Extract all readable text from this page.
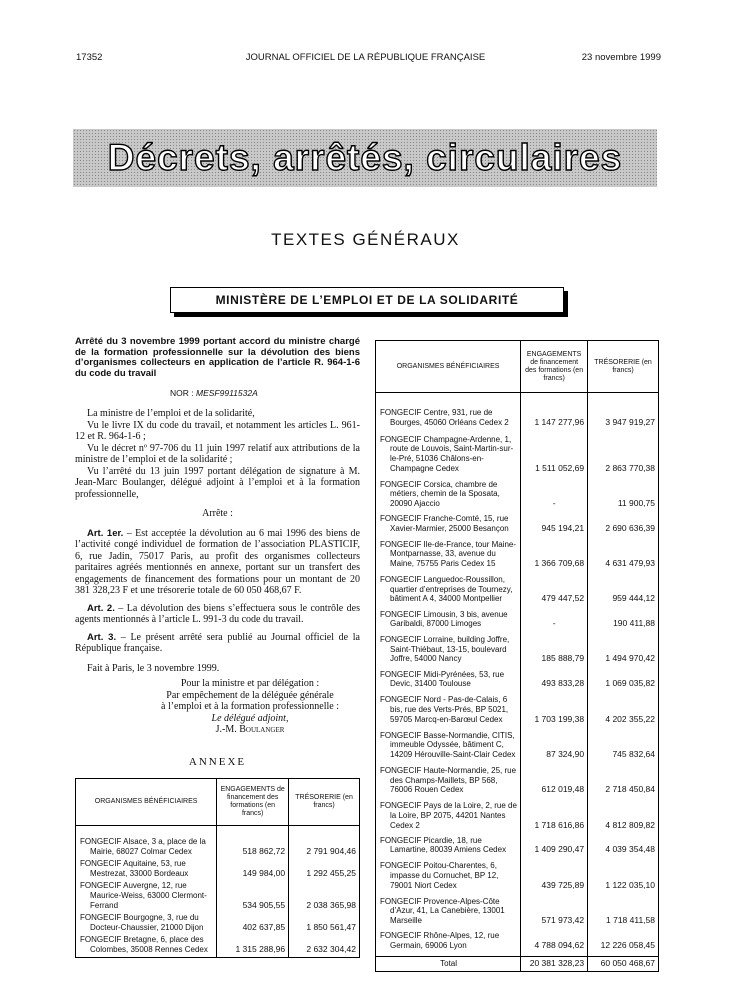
17352	JOURNAL OFFICIEL DE LA RÉPUBLIQUE FRANÇAISE	23 novembre 1999
Décrets, arrêtés, circulaires
TEXTES GÉNÉRAUX
MINISTÈRE DE L’EMPLOI ET DE LA SOLIDARITÉ
Arrêté du 3 novembre 1999 portant accord du ministre chargé de la formation professionnelle sur la dévolution des biens d’organismes collecteurs en application de l’article R. 964-1-6 du code du travail
NOR : MESF9911532A

La ministre de l’emploi et de la solidarité,

Vu le livre IX du code du travail, et notamment les articles L. 961-12 et R. 964-1-6 ;

Vu le décret nº 97-706 du 11 juin 1997 relatif aux attributions de la ministre de l’emploi et de la solidarité ;

Vu l’arrêté du 13 juin 1997 portant délégation de signature à M. Jean-Marc Boulanger, délégué adjoint à l’emploi et à la formation professionnelle,

Arrête :

Art. 1er. – Est acceptée la dévolution au 6 mai 1996 des biens de l’activité congé individuel de formation de l’association PLASTICIF, 6, rue Jadin, 75017 Paris, au profit des organismes collecteurs paritaires agréés mentionnés en annexe, portant sur un transfert des engagements de financement des formations pour un montant de 20 381 328,23 F et une trésorerie totale de 60 050 468,67 F.

Art. 2. – La dévolution des biens s’effectuera sous le contrôle des agents mentionnés à l’article L. 991-3 du code du travail.

Art. 3. – Le présent arrêté sera publié au Journal officiel de la République française.

Fait à Paris, le 3 novembre 1999.

Pour la ministre et par délégation :
Par empêchement de la déléguée générale
à l’emploi et à la formation professionnelle :
Le délégué adjoint,
J.-M. Boulanger
ANNEXE
ORGANISMES BÉNÉFICIAIRES	ENGAGEMENTS de financement des formations (en francs)	TRÉSORERIE (en francs)

FONGECIF Alsace, 3 a, place de la Mairie, 68027 Colmar Cedex	518 862,72	2 791 904,46

FONGECIF Aquitaine, 53, rue Mestrezat, 33000 Bordeaux	149 984,00	1 292 455,25

FONGECIF Auvergne, 12, rue Maurice-Weiss, 63000 Clermont-Ferrand	534 905,55	2 038 365,98

FONGECIF Bourgogne, 3, rue du Docteur-Chaussier, 21000 Dijon	402 637,85	1 850 561,47

FONGECIF Bretagne, 6, place des Colombes, 35008 Rennes Cedex	1 315 288,96	2 632 304,42
ORGANISMES BÉNÉFICIAIRES	ENGAGEMENTS de financement des formations (en francs)	TRÉSORERIE (en francs)

FONGECIF Centre, 931, rue de Bourges, 45060 Orléans Cedex 2	1 147 277,96	3 947 919,27

FONGECIF Champagne-Ardenne, 1, route de Louvois, Saint-Martin-sur-le-Pré, 51036 Châlons-en-Champagne Cedex	1 511 052,69	2 863 770,38

FONGECIF Corsica, chambre de métiers, chemin de la Sposata, 20090 Ajaccio	-	11 900,75

FONGECIF Franche-Comté, 15, rue Xavier-Marmier, 25000 Besançon	945 194,21	2 690 636,39

FONGECIF Ile-de-France, tour Maine-Montparnasse, 33, avenue du Maine, 75755 Paris Cedex 15	1 366 709,68	4 631 479,93

FONGECIF Languedoc-Roussillon, quartier d’entreprises de Tournezy, bâtiment A 4, 34000 Montpellier	479 447,52	959 444,12

FONGECIF Limousin, 3 bis, avenue Garibaldi, 87000 Limoges	-	190 411,88

FONGECIF Lorraine, building Joffre, Saint-Thiébaut, 13-15, boulevard Joffre, 54000 Nancy	185 888,79	1 494 970,42

FONGECIF Midi-Pyrénées, 53, rue Devic, 31400 Toulouse	493 833,28	1 069 035,82

FONGECIF Nord - Pas-de-Calais, 6 bis, rue des Verts-Prés, BP 5021, 59705 Marcq-en-Barœul Cedex	1 703 199,38	4 202 355,22

FONGECIF Basse-Normandie, CITIS, immeuble Odyssée, bâtiment C, 14209 Hérouville-Saint-Clair Cedex	87 324,90	745 832,64

FONGECIF Haute-Normandie, 25, rue des Champs-Maillets, BP 568, 76006 Rouen Cedex	612 019,48	2 718 450,84

FONGECIF Pays de la Loire, 2, rue de la Loire, BP 2075, 44201 Nantes Cedex 2	1 718 616,86	4 812 809,82

FONGECIF Picardie, 18, rue Lamartine, 80039 Amiens Cedex	1 409 290,47	4 039 354,48

FONGECIF Poitou-Charentes, 6, impasse du Cornuchet, BP 12, 79001 Niort Cedex	439 725,89	1 122 035,10

FONGECIF Provence-Alpes-Côte d’Azur, 41, La Canebière, 13001 Marseille	571 973,42	1 718 411,58

FONGECIF Rhône-Alpes, 12, rue Germain, 69006 Lyon	4 788 094,62	12 226 058,45

Total	20 381 328,23	60 050 468,67
